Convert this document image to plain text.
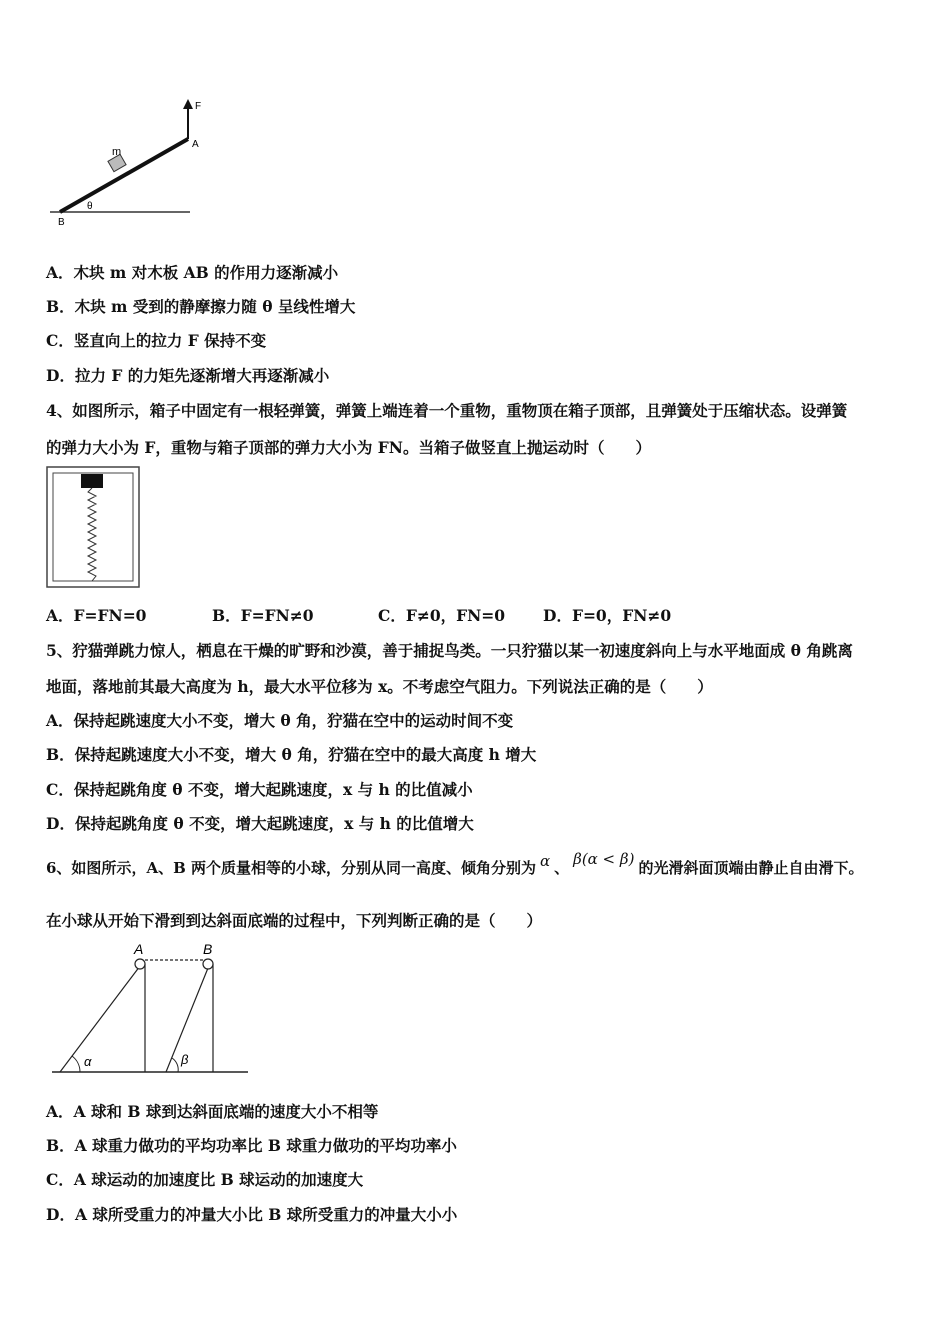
F
A
m
B
θ
A．木块 m 对木板 AB 的作用力逐渐减小
B．木块 m 受到的静摩擦力随 θ 呈线性增大
C．竖直向上的拉力 F 保持不变
D．拉力 F 的力矩先逐渐增大再逐渐减小
4、如图所示，箱子中固定有一根轻弹簧，弹簧上端连着一个重物，重物顶在箱子顶部，且弹簧处于压缩状态。设弹簧
的弹力大小为 F，重物与箱子顶部的弹力大小为 FN。当箱子做竖直上抛运动时（　　）
A．F=FN=0	B．F=FN≠0	C．F≠0，FN=0 D．F=0，FN≠0
5、狞猫弹跳力惊人，栖息在干燥的旷野和沙漠，善于捕捉鸟类。一只狞猫以某一初速度斜向上与水平地面成 θ 角跳离
地面，落地前其最大高度为 h，最大水平位移为 x。不考虑空气阻力。下列说法正确的是（　　）
A．保持起跳速度大小不变，增大 θ 角，狞猫在空中的运动时间不变
B．保持起跳速度大小不变，增大 θ 角，狞猫在空中的最大高度 h 增大
C．保持起跳角度 θ 不变，增大起跳速度，x 与 h 的比值减小
D．保持起跳角度 θ 不变，增大起跳速度，x 与 h 的比值增大
6、如图所示，A、B 两个质量相等的小球，分别从同一高度、倾角分别为 α 、 β(α < β) 的光滑斜面顶端由静止自由滑下。
在小球从开始下滑到到达斜面底端的过程中，下列判断正确的是（　　）
α
A
β
B
A．A 球和 B 球到达斜面底端的速度大小不相等
B．A 球重力做功的平均功率比 B 球重力做功的平均功率小
C．A 球运动的加速度比 B 球运动的加速度大
D．A 球所受重力的冲量大小比 B 球所受重力的冲量大小小
